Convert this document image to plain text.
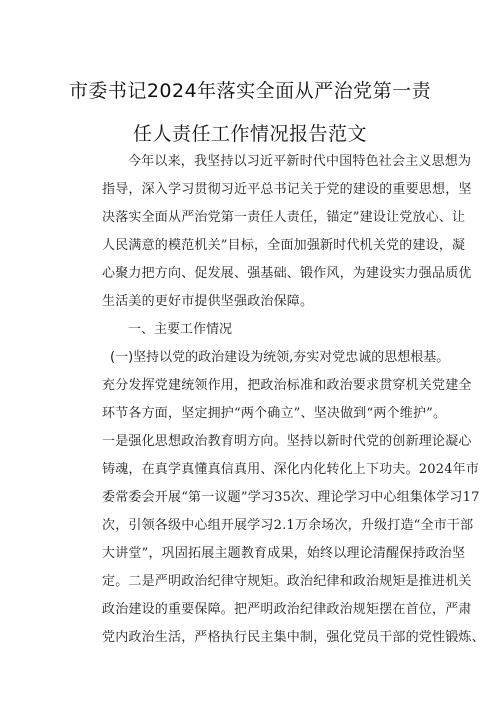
市委书记2024年落实全面从严治党第一责
任人责任工作情况报告范文
今年以来，我坚持以习近平新时代中国特色社会主义思想为
指导，深入学习贯彻习近平总书记关于党的建设的重要思想，坚
决落实全面从严治党第一责任人责任，锚定”建设让党放心、让
人民满意的模范机关”目标，全面加强新时代机关党的建设，凝
心聚力把方向、促发展、强基础、锻作风，为建设实力强品质优
生活美的更好市提供坚强政治保障。
一、主要工作情况
(一)坚持以党的政治建设为统领,夯实对党忠诚的思想根基。
充分发挥党建统领作用，把政治标准和政治要求贯穿机关党建全
环节各方面，坚定拥护“两个确立”、坚决做到“两个维护”。
一是强化思想政治教育明方向。坚持以新时代党的创新理论凝心
铸魂，在真学真懂真信真用、深化内化转化上下功夫。2024年市
委常委会开展“第一议题”学习35次、理论学习中心组集体学习17
次，引领各级中心组开展学习2.1万余场次，升级打造“全市干部
大讲堂”，巩固拓展主题教育成果，始终以理论清醒保持政治坚
定。二是严明政治纪律守规矩。政治纪律和政治规矩是推进机关
政治建设的重要保障。把严明政治纪律政治规矩摆在首位，严肃
党内政治生活，严格执行民主集中制，强化党员干部的党性锻炼、
